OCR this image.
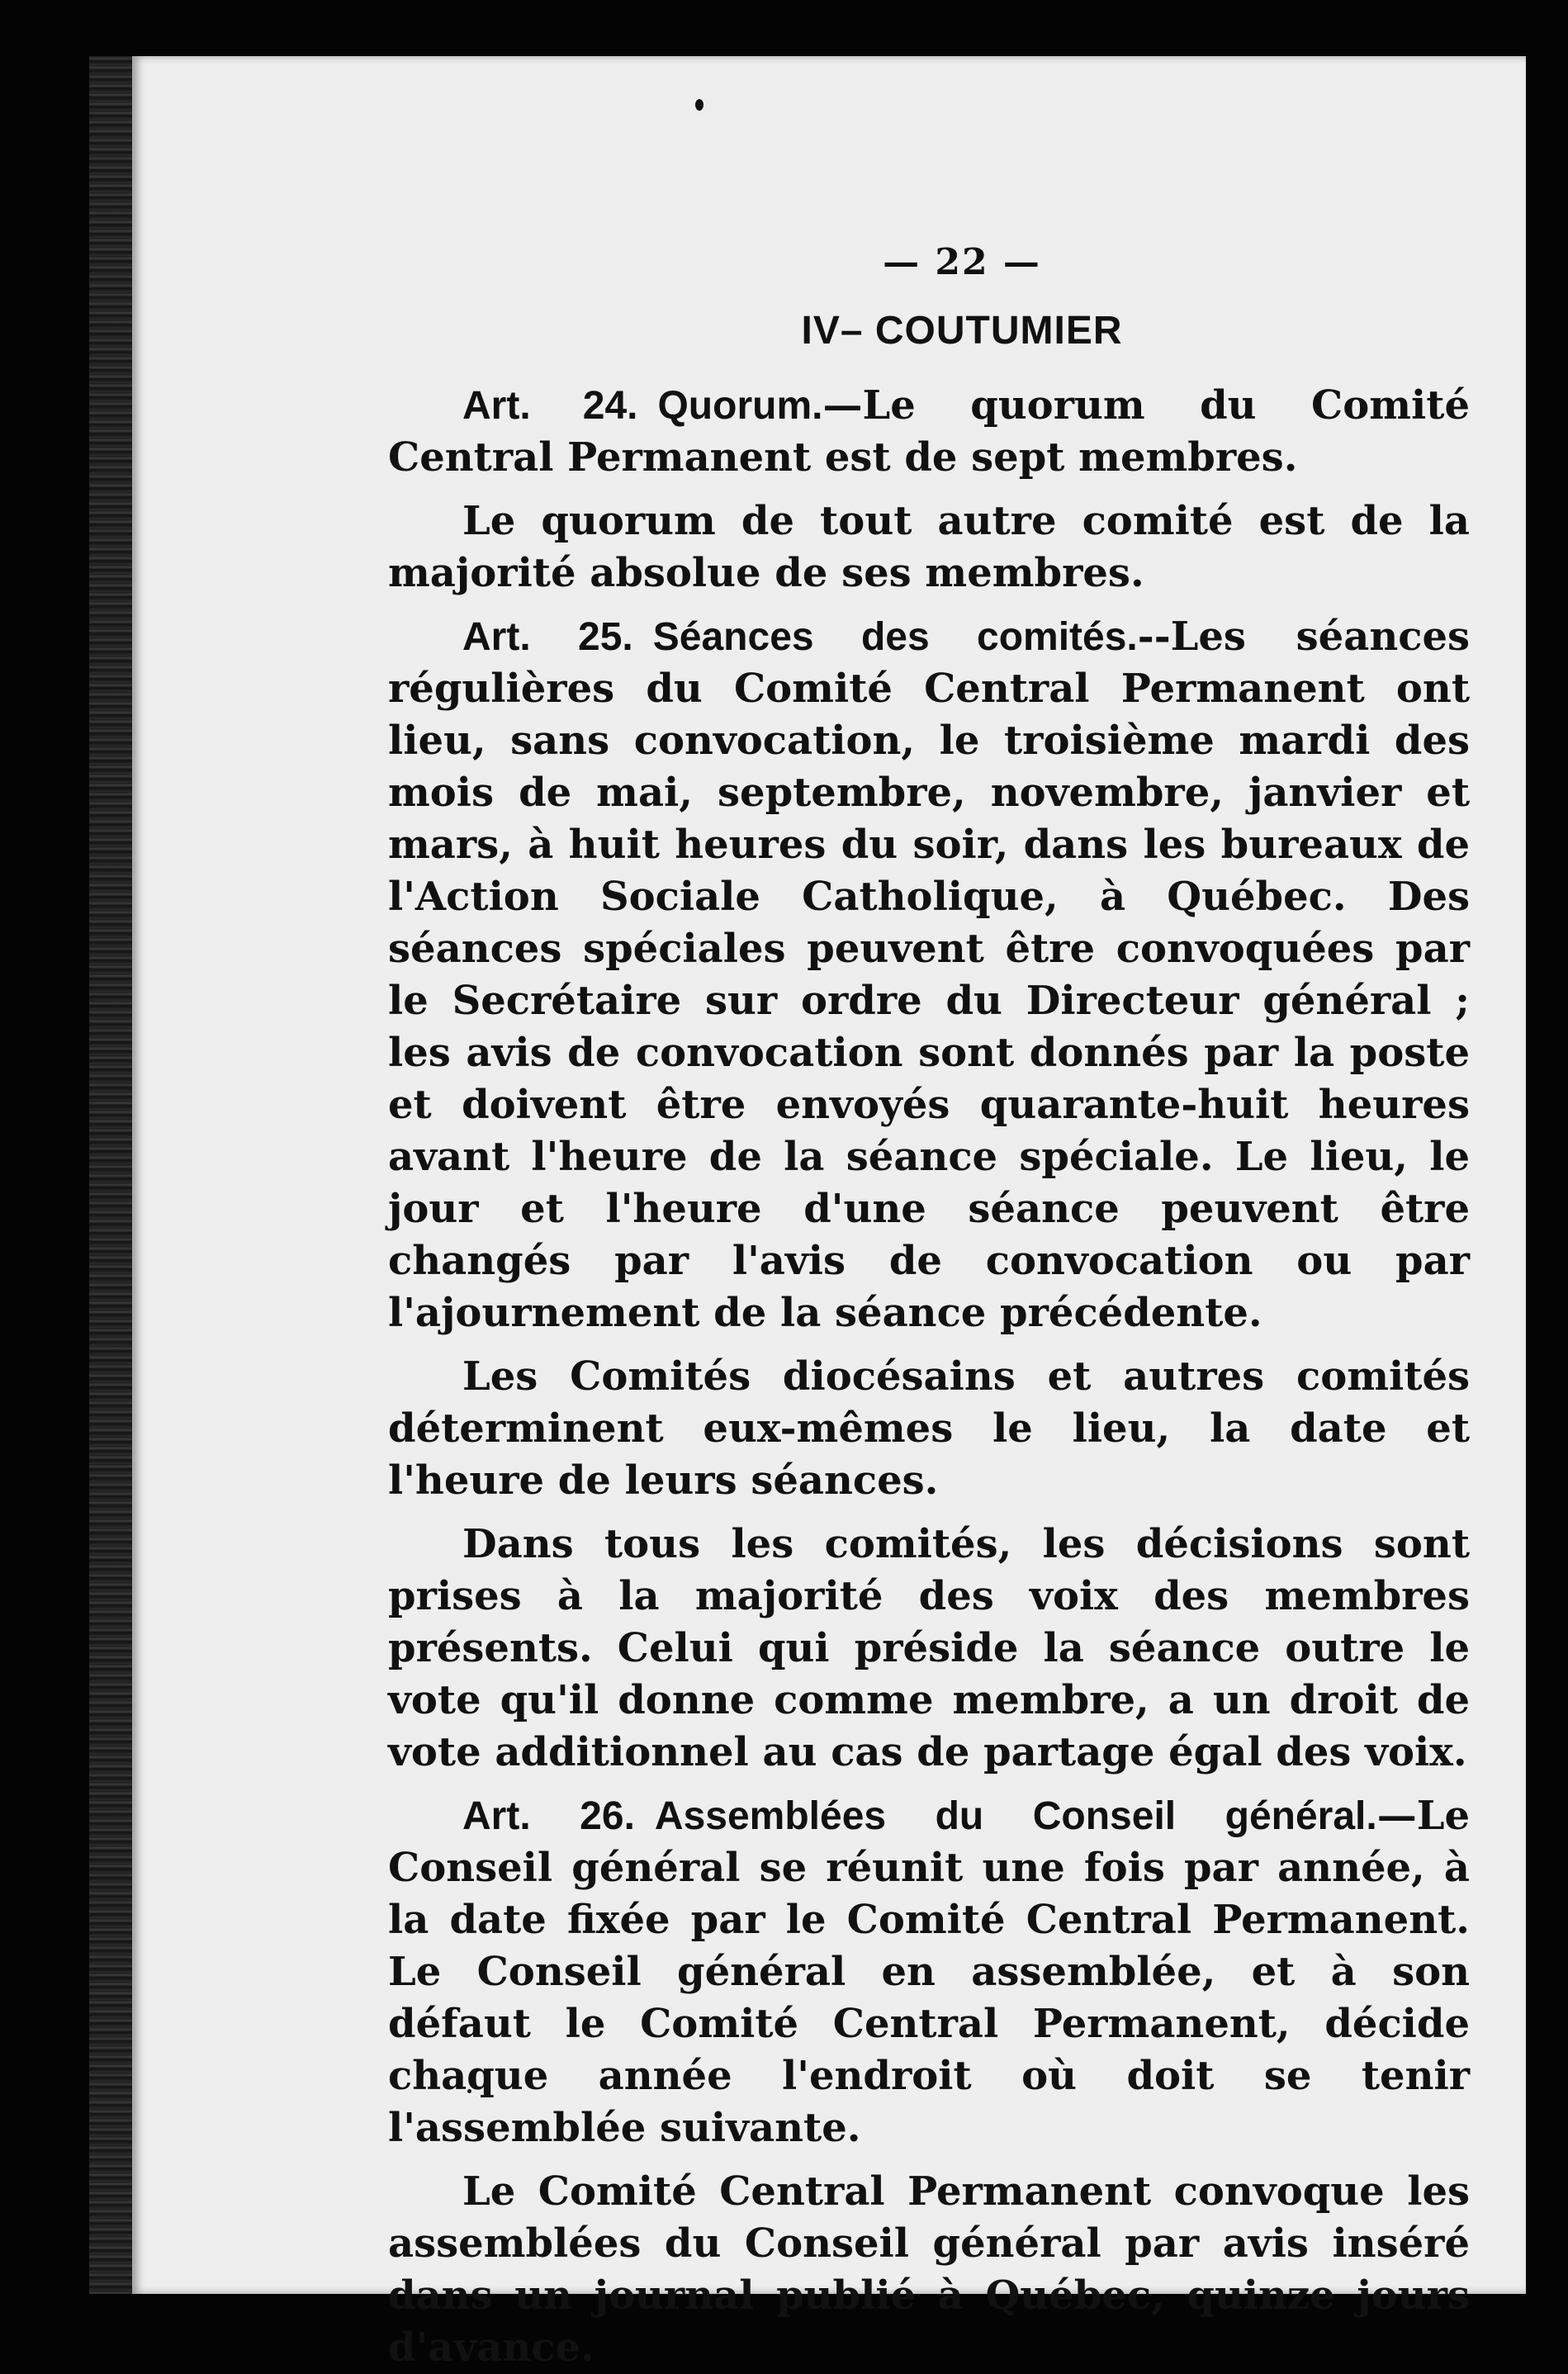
— 22 —
IV– COUTUMIER

Art. 24. Quorum.—Le quorum du Comité Central Permanent est de sept membres.

Le quorum de tout autre comité est de la majorité absolue de ses membres.

Art. 25. Séances des comités.--Les séances régulières du Comité Central Permanent ont lieu, sans convocation, le troisième mardi des mois de mai, septembre, novembre, janvier et mars, à huit heures du soir, dans les bureaux de l'Action Sociale Catholique, à Québec. Des séances spéciales peuvent être convoquées par le Secrétaire sur ordre du Directeur général ; les avis de convocation sont donnés par la poste et doivent être envoyés quarante-huit heures avant l'heure de la séance spéciale. Le lieu, le jour et l'heure d'une séance peuvent être changés par l'avis de convocation ou par l'ajournement de la séance précédente.

Les Comités diocésains et autres comités déterminent eux-mêmes le lieu, la date et l'heure de leurs séances.

Dans tous les comités, les décisions sont prises à la majorité des voix des membres présents. Celui qui préside la séance outre le vote qu'il donne comme membre, a un droit de vote additionnel au cas de partage égal des voix.

Art. 26. Assemblées du Conseil général.—Le Conseil général se réunit une fois par année, à la date fixée par le Comité Central Permanent. Le Conseil général en assemblée, et à son défaut le Comité Central Permanent, décide chaque année l'endroit où doit se tenir l'assemblée suivante.

Le Comité Central Permanent convoque les assemblées du Conseil général par avis inséré dans un journal publié à Québec, quinze jours d'avance.
